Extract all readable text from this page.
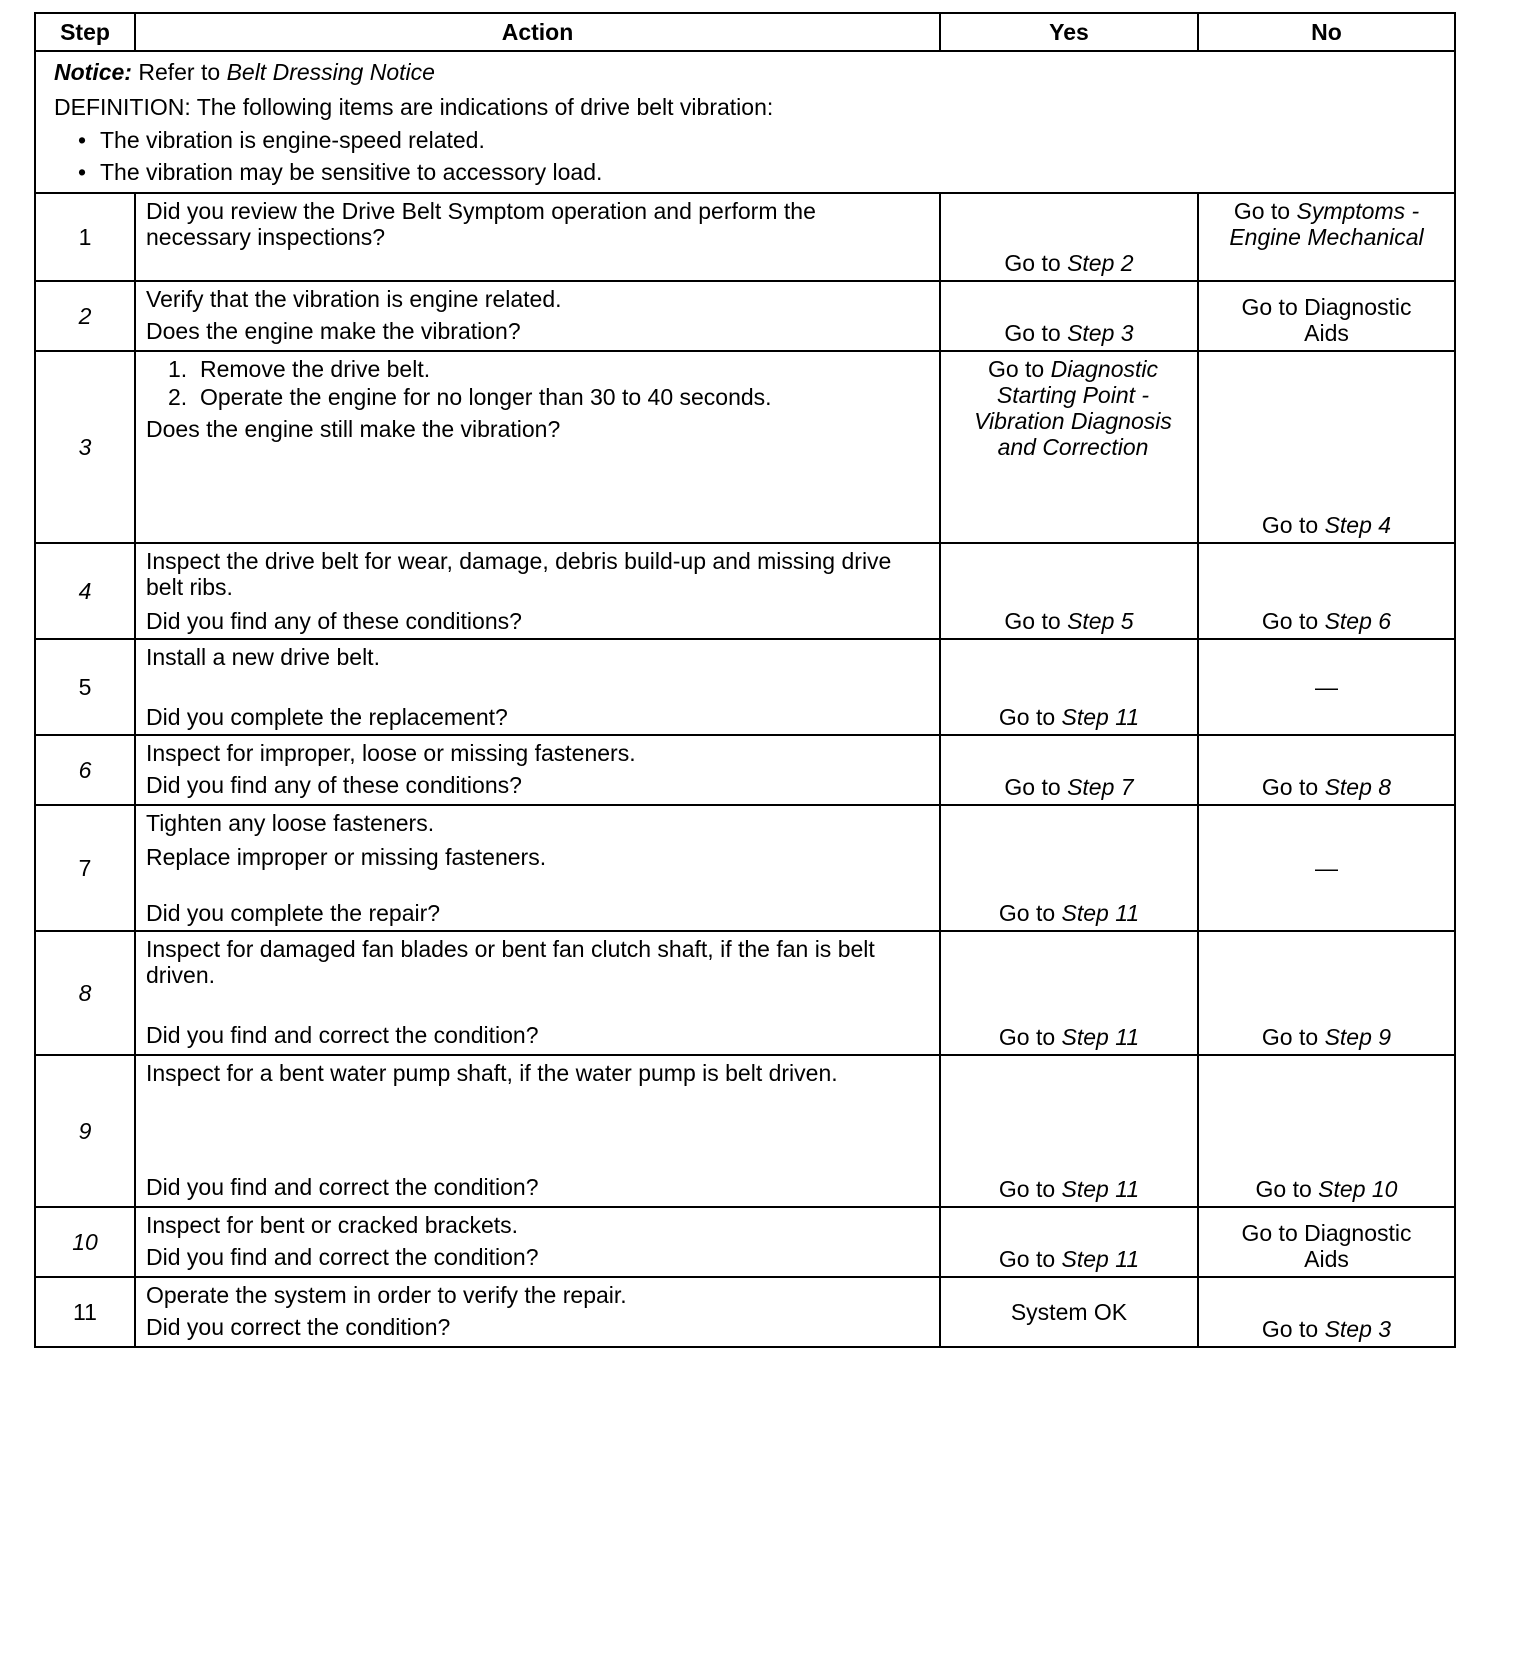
Step	Action	Yes	No

Notice: Refer to Belt Dressing Notice
DEFINITION: The following items are indications of drive belt vibration:
• The vibration is engine-speed related.
• The vibration may be sensitive to accessory load.			

1	Did you review the Drive Belt Symptom operation and perform the necessary inspections?	Go to Step 2	Go to Symptoms - Engine Mechanical
2	Verify that the vibration is engine related.
Does the engine make the vibration?	Go to Step 3	Go to Diagnostic Aids
3	1. Remove the drive belt.
2. Operate the engine for no longer than 30 to 40 seconds.
Does the engine still make the vibration?	Go to Diagnostic Starting Point - Vibration Diagnosis and Correction	Go to Step 4
4	Inspect the drive belt for wear, damage, debris build-up and missing drive belt ribs.
Did you find any of these conditions?	Go to Step 5	Go to Step 6
5	Install a new drive belt.
Did you complete the replacement?	Go to Step 11	—
6	Inspect for improper, loose or missing fasteners.
Did you find any of these conditions?	Go to Step 7	Go to Step 8
7	Tighten any loose fasteners.
Replace improper or missing fasteners.
Did you complete the repair?	Go to Step 11	—
8	Inspect for damaged fan blades or bent fan clutch shaft, if the fan is belt driven.
Did you find and correct the condition?	Go to Step 11	Go to Step 9
9	Inspect for a bent water pump shaft, if the water pump is belt driven.
Did you find and correct the condition?	Go to Step 11	Go to Step 10
10	Inspect for bent or cracked brackets.
Did you find and correct the condition?	Go to Step 11	Go to Diagnostic Aids
11	Operate the system in order to verify the repair.
Did you correct the condition?	System OK	Go to Step 3
